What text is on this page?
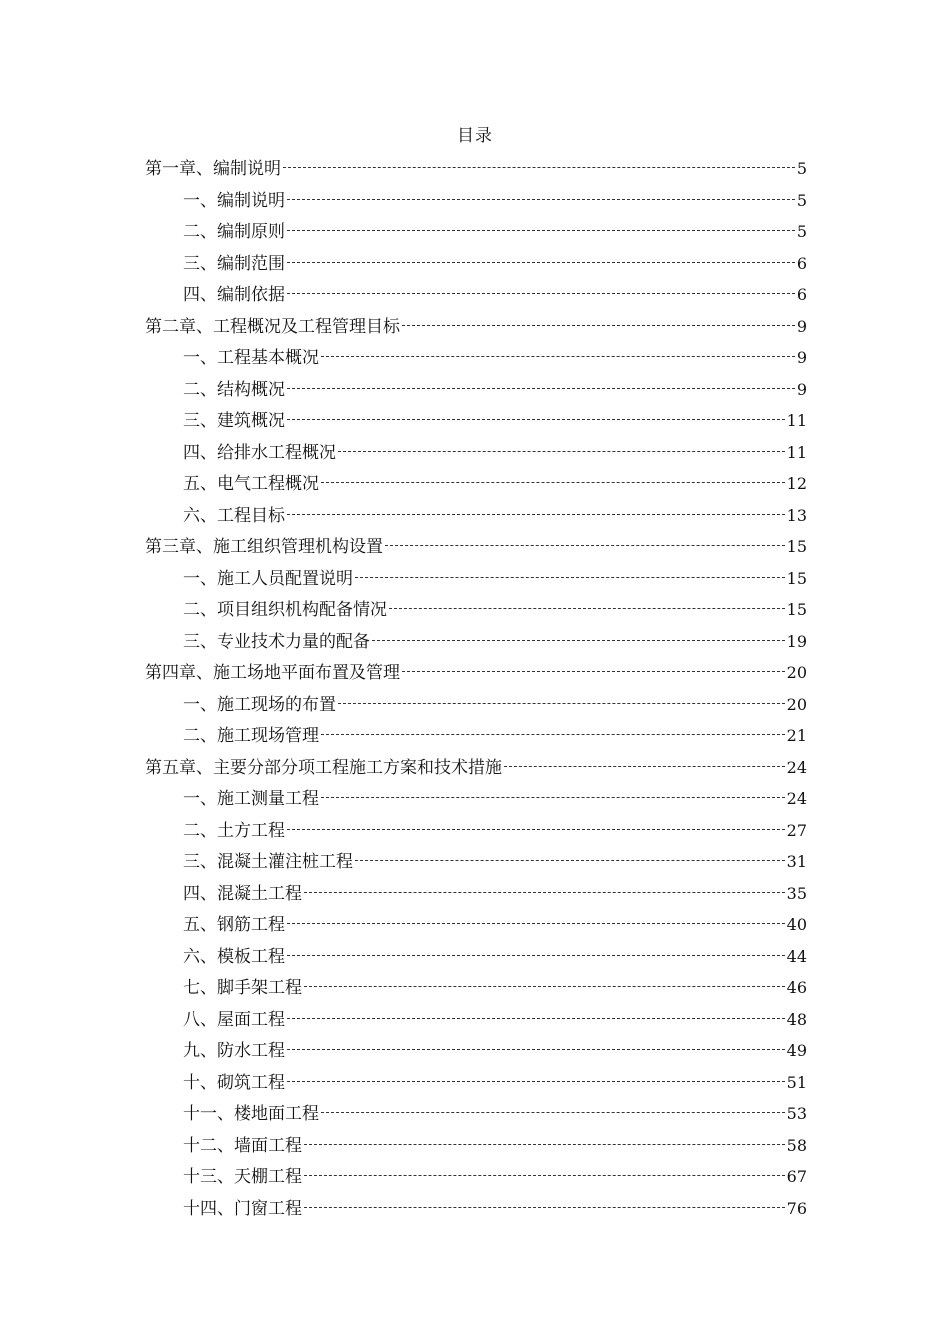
目录
第一章、编制说明	5
一、编制说明	5
二、编制原则	5
三、编制范围	6
四、编制依据	6
第二章、工程概况及工程管理目标	9
一、工程基本概况	9
二、结构概况	9
三、建筑概况	11
四、给排水工程概况	11
五、电气工程概况	12
六、工程目标	13
第三章、施工组织管理机构设置	15
一、施工人员配置说明	15
二、项目组织机构配备情况	15
三、专业技术力量的配备	19
第四章、施工场地平面布置及管理	20
一、施工现场的布置	20
二、施工现场管理	21
第五章、主要分部分项工程施工方案和技术措施	24
一、施工测量工程	24
二、土方工程	27
三、混凝土灌注桩工程	31
四、混凝土工程	35
五、钢筋工程	40
六、模板工程	44
七、脚手架工程	46
八、屋面工程	48
九、防水工程	49
十、砌筑工程	51
十一、楼地面工程	53
十二、墙面工程	58
十三、天棚工程	67
十四、门窗工程	76
